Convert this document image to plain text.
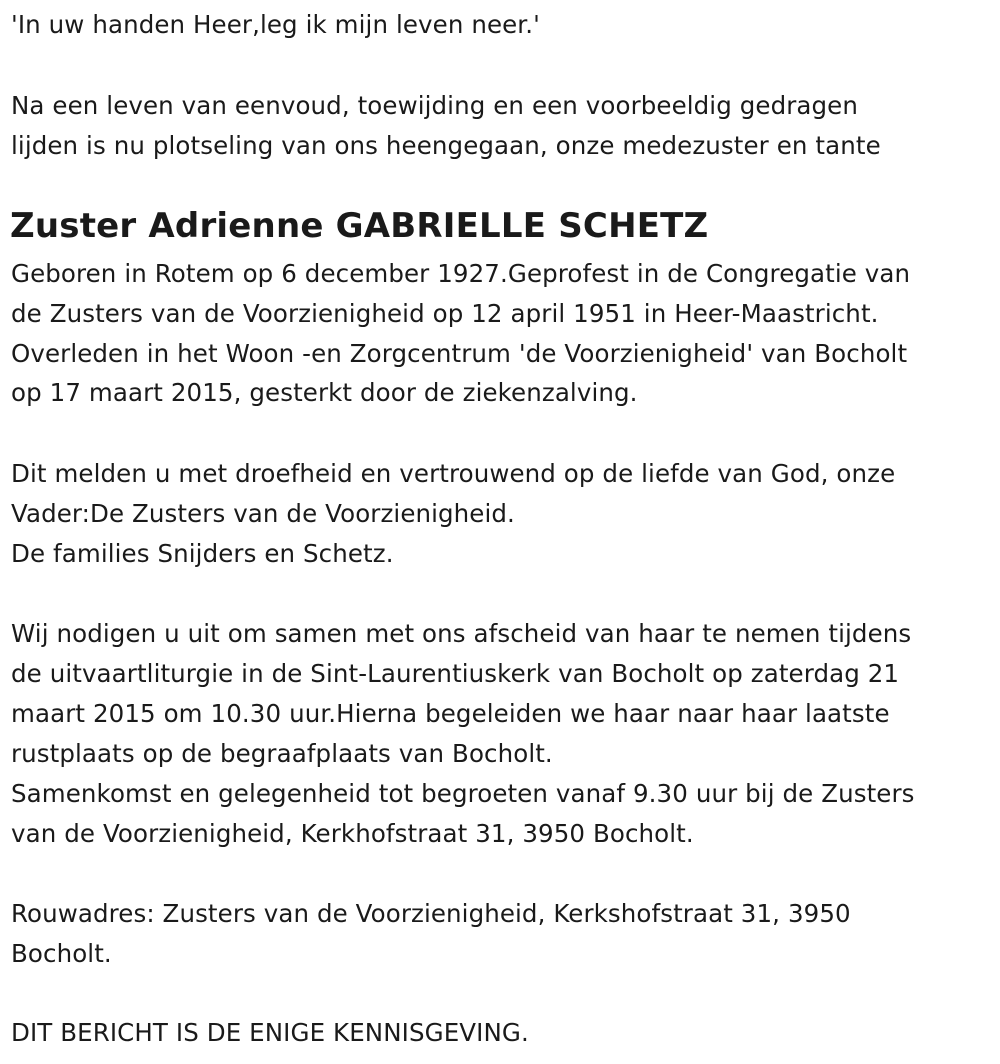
'In uw handen Heer,leg ik mijn leven neer.'
Na een leven van eenvoud, toewijding en een voorbeeldig gedragen
lijden is nu plotseling van ons heengegaan, onze medezuster en tante
Zuster Adrienne GABRIELLE SCHETZ
Geboren in Rotem op 6 december 1927.Geprofest in de Congregatie van
de Zusters van de Voorzienigheid op 12 april 1951 in Heer-Maastricht.
Overleden in het Woon -en Zorgcentrum 'de Voorzienigheid' van Bocholt
op 17 maart 2015, gesterkt door de ziekenzalving.
Dit melden u met droefheid en vertrouwend op de liefde van God, onze
Vader:De Zusters van de Voorzienigheid.
De families Snijders en Schetz.
Wij nodigen u uit om samen met ons afscheid van haar te nemen tijdens
de uitvaartliturgie in de Sint-Laurentiuskerk van Bocholt op zaterdag 21
maart 2015 om 10.30 uur.Hierna begeleiden we haar naar haar laatste
rustplaats op de begraafplaats van Bocholt.
Samenkomst en gelegenheid tot begroeten vanaf 9.30 uur bij de Zusters
van de Voorzienigheid, Kerkhofstraat 31, 3950 Bocholt.
Rouwadres: Zusters van de Voorzienigheid, Kerkshofstraat 31, 3950
Bocholt.
DIT BERICHT IS DE ENIGE KENNISGEVING.
